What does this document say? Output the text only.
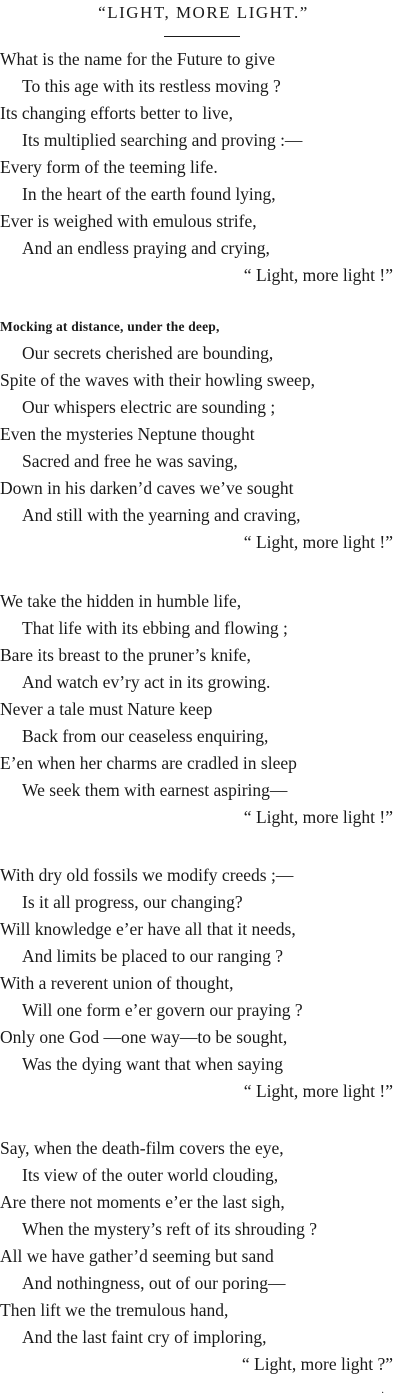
“LIGHT, MORE LIGHT.”
What is the name for the Future to give
To this age with its restless moving ?
Its changing efforts better to live,
Its multiplied searching and proving :—
Every form of the teeming life.
In the heart of the earth found lying,
Ever is weighed with emulous strife,
And an endless praying and crying,
“ Light, more light !”
Mocking at distance, under the deep,
Our secrets cherished are bounding,
Spite of the waves with their howling sweep,
Our whispers electric are sounding ;
Even the mysteries Neptune thought
Sacred and free he was saving,
Down in his darken’d caves we’ve sought
And still with the yearning and craving,
“ Light, more light !”
We take the hidden in humble life,
That life with its ebbing and flowing ;
Bare its breast to the pruner’s knife,
And watch ev’ry act in its growing.
Never a tale must Nature keep
Back from our ceaseless enquiring,
E’en when her charms are cradled in sleep
We seek them with earnest aspiring—
“ Light, more light !”
With dry old fossils we modify creeds ;—
Is it all progress, our changing?
Will knowledge e’er have all that it needs,
And limits be placed to our ranging ?
With a reverent union of thought,
Will one form e’er govern our praying ?
Only one God —one way—to be sought,
Was the dying want that when saying
“ Light, more light !”
Say, when the death-film covers the eye,
Its view of the outer world clouding,
Are there not moments e’er the last sigh,
When the mystery’s reft of its shrouding ?
All we have gather’d seeming but sand
And nothingness, out of our poring—
Then lift we the tremulous hand,
And the last faint cry of imploring,
“ Light, more light ?”
·
